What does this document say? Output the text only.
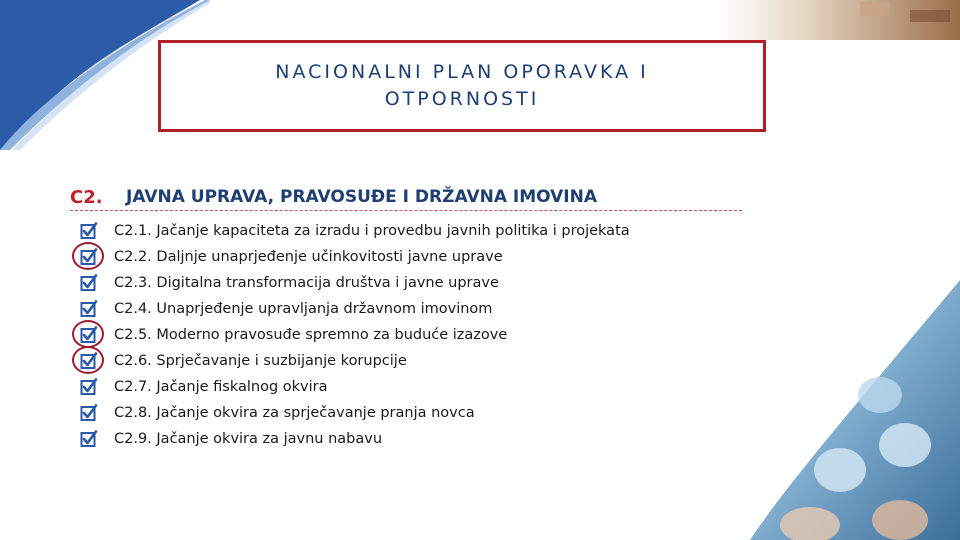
NACIONALNI PLAN OPORAVKA I
OTPORNOSTI
C2.	JAVNA UPRAVA, PRAVOSUĐE I DRŽAVNA IMOVINA
C2.1. Jačanje kapaciteta za izradu i provedbu javnih politika i projekata
C2.2. Daljnje unaprjeđenje učinkovitosti javne uprave
C2.3. Digitalna transformacija društva i javne uprave
C2.4. Unaprjeđenje upravljanja državnom imovinom
C2.5. Moderno pravosuđe spremno za buduće izazove
C2.6. Sprječavanje i suzbijanje korupcije
C2.7. Jačanje fiskalnog okvira
C2.8. Jačanje okvira za sprječavanje pranja novca
C2.9. Jačanje okvira za javnu nabavu
